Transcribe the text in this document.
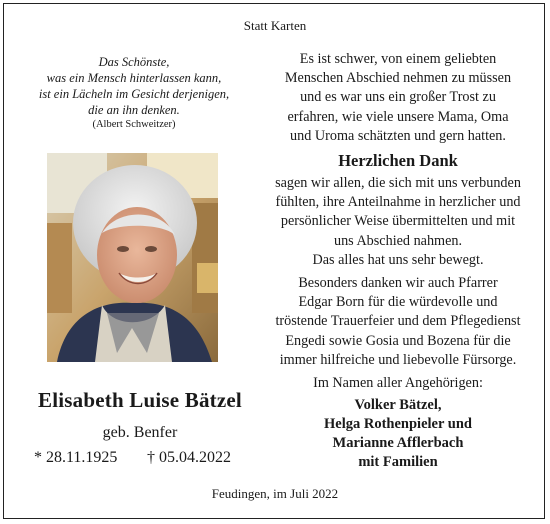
Statt Karten
Das Schönste,
was ein Mensch hinterlassen kann,
ist ein Lächeln im Gesicht derjenigen,
die an ihn denken.
(Albert Schweitzer)
Elisabeth Luise Bätzel
geb. Benfer
* 28.11.1925 † 05.04.2022

Es ist schwer, von einem geliebten

Menschen Abschied nehmen zu müssen

und es war uns ein großer Trost zu

erfahren, wie viele unsere Mama, Oma

und Uroma schätzten und gern hatten.

Herzlichen Dank

sagen wir allen, die sich mit uns verbunden

fühlten, ihre Anteilnahme in herzlicher und

persönlicher Weise übermittelten und mit

uns Abschied nahmen.

Das alles hat uns sehr bewegt.

Besonders danken wir auch Pfarrer

Edgar Born für die würdevolle und

tröstende Trauerfeier und dem Pflegedienst

Engedi sowie Gosia und Bozena für die

immer hilfreiche und liebevolle Fürsorge.

Im Namen aller Angehörigen:

Volker Bätzel,
Helga Rothenpieler und
Marianne Afflerbach
mit Familien
Feudingen, im Juli 2022
